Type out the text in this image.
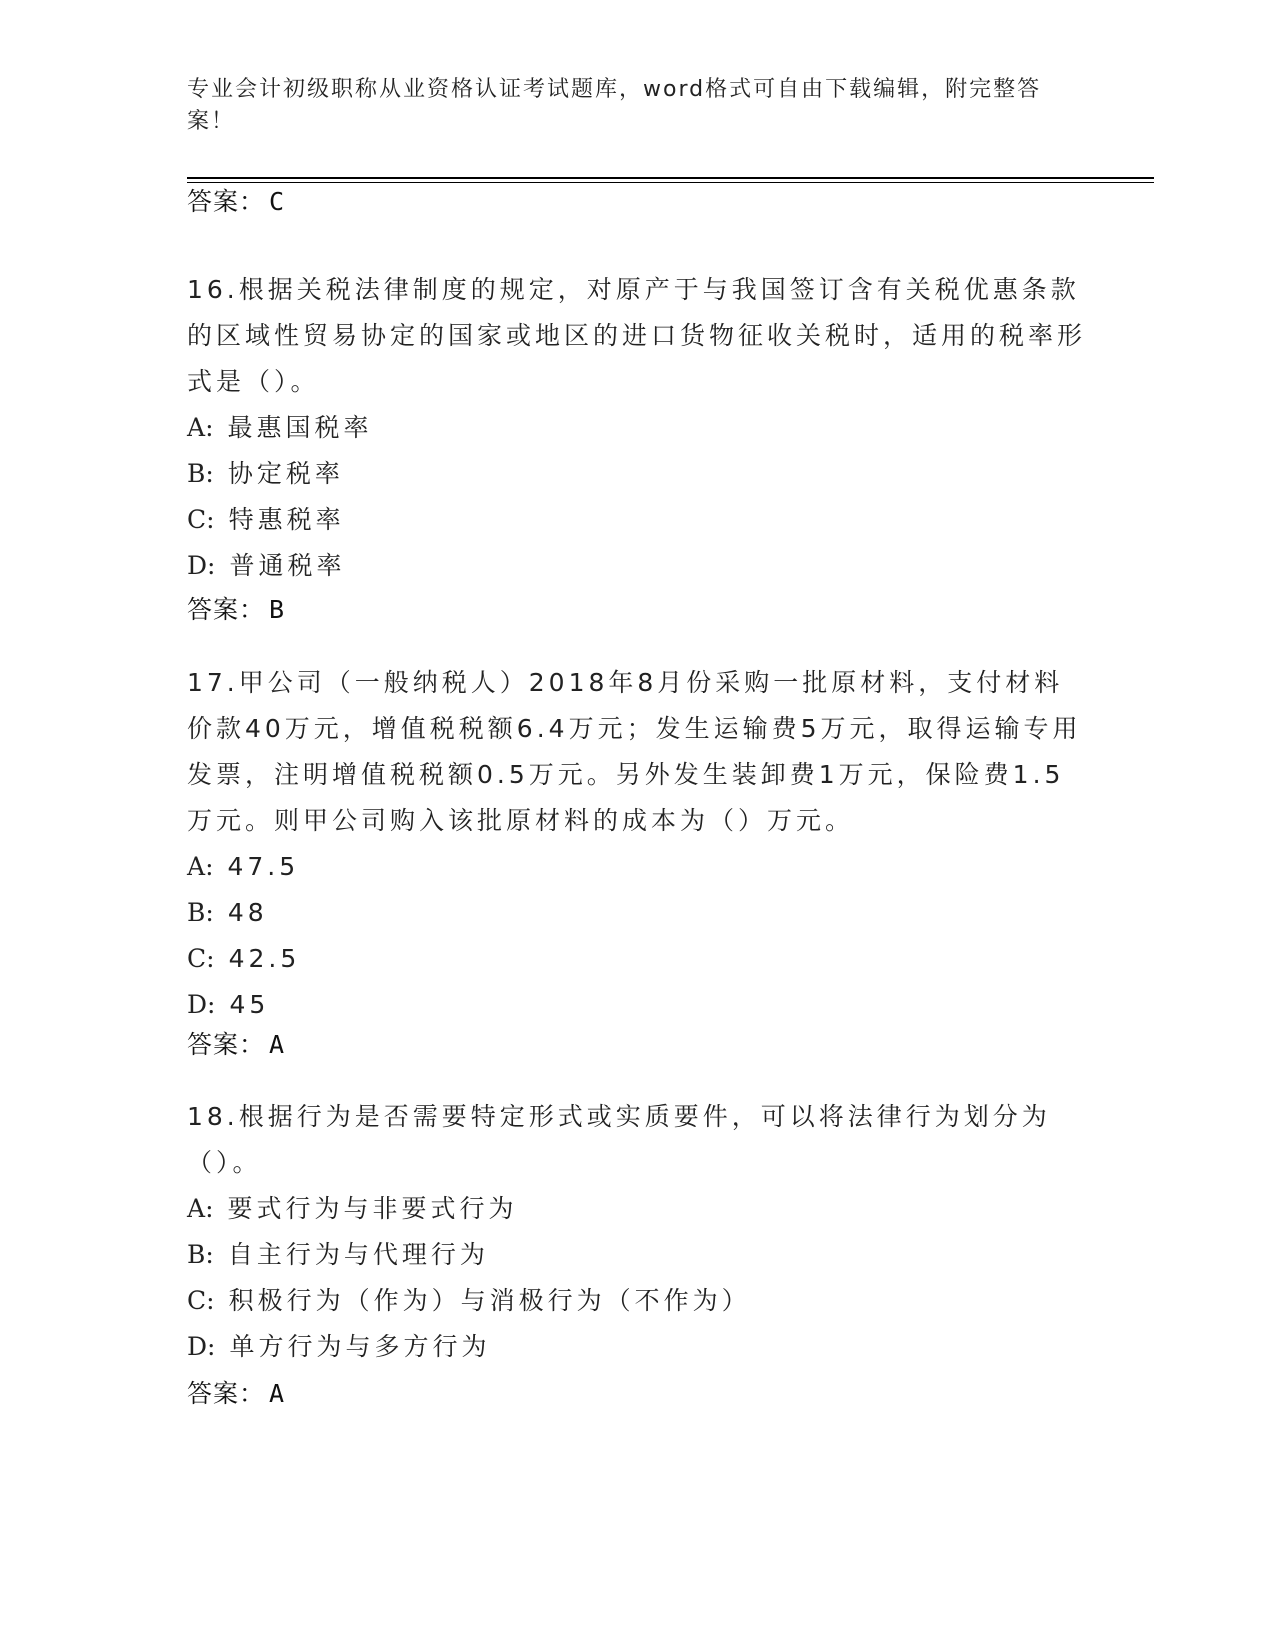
专业会计初级职称从业资格认证考试题库，word格式可自由下载编辑，附完整答案！
答案： C

16.根据关税法律制度的规定，对原产于与我国签订含有关税优惠条款的区域性贸易协定的国家或地区的进口货物征收关税时，适用的税率形式是（）。

A : 最惠国税率

B : 协定税率

C : 特惠税率

D : 普通税率

答案： B

17.甲公司（一般纳税人）2018年8月份采购一批原材料，支付材料价款40万元，增值税税额6.4万元；发生运输费5万元，取得运输专用发票，注明增值税税额0.5万元。另外发生装卸费1万元，保险费1.5万元。则甲公司购入该批原材料的成本为（）万元。

A : 47.5

B : 48

C : 42.5

D : 45

答案： A

18.根据行为是否需要特定形式或实质要件，可以将法律行为划分为（）。

A : 要式行为与非要式行为

B : 自主行为与代理行为

C : 积极行为（作为）与消极行为（不作为）

D : 单方行为与多方行为

答案： A
